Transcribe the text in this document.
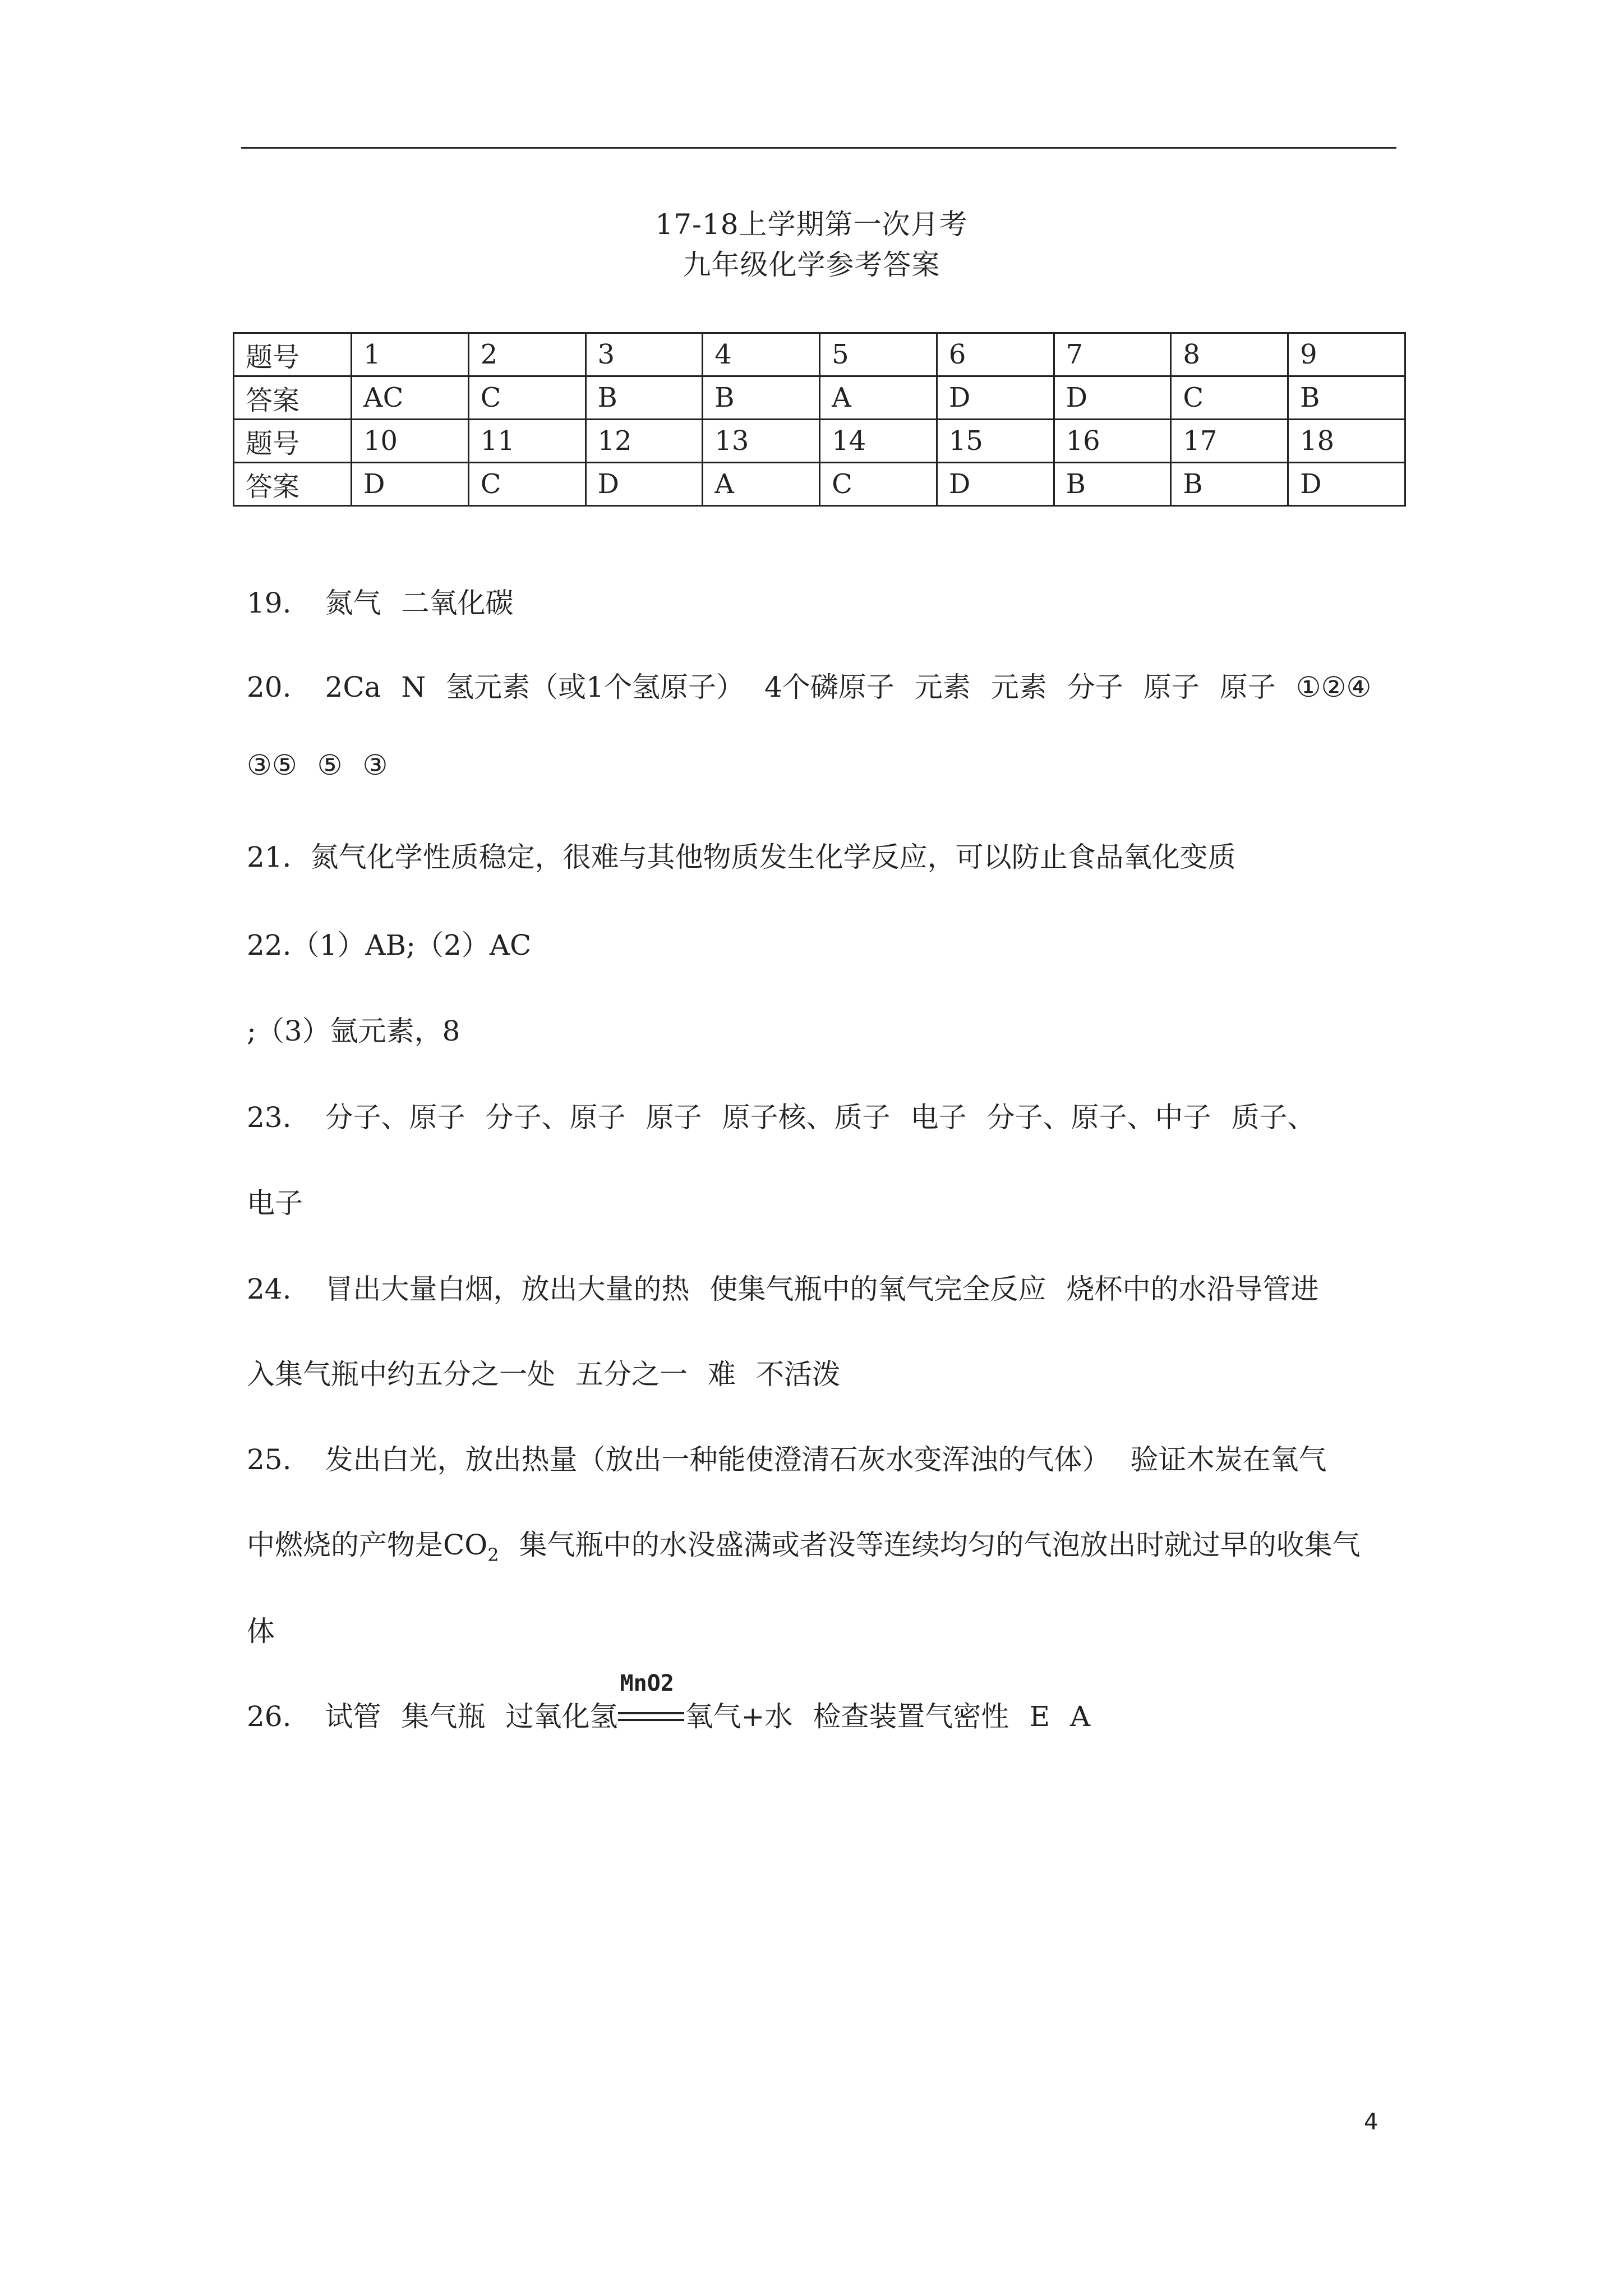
17-18上学期第一次月考
九年级化学参考答案
题号	1	2	3	4	5	6	7	8	9
答案	AC	C	B	B	A	D	D	C	B
题号	10	11	12	13	14	15	16	17	18
答案	D	C	D	A	C	D	B	B	D
19. 氮气 二氧化碳
20. 2Ca N 氢元素（或1个氢原子） 4个磷原子 元素 元素 分子 原子 原子 ①②④
③⑤ ⑤ ③
21．氮气化学性质稳定，很难与其他物质发生化学反应，可以防止食品氧化变质
22.（1）AB;（2）AC
;（3）氩元素，8
23. 分子、原子 分子、原子 原子 原子核、质子 电子 分子、原子、中子 质子、
电子
24. 冒出大量白烟，放出大量的热 使集气瓶中的氧气完全反应 烧杯中的水沿导管进
入集气瓶中约五分之一处 五分之一 难 不活泼
25. 发出白光，放出热量（放出一种能使澄清石灰水变浑浊的气体） 验证木炭在氧气
中燃烧的产物是$CO_2$ 集气瓶中的水没盛满或者没等连续均匀的气泡放出时就过早的收集气
体
26. 试管 集气瓶 过氧化氢
MnO2
氧气+水 检查装置气密性 E A
4
